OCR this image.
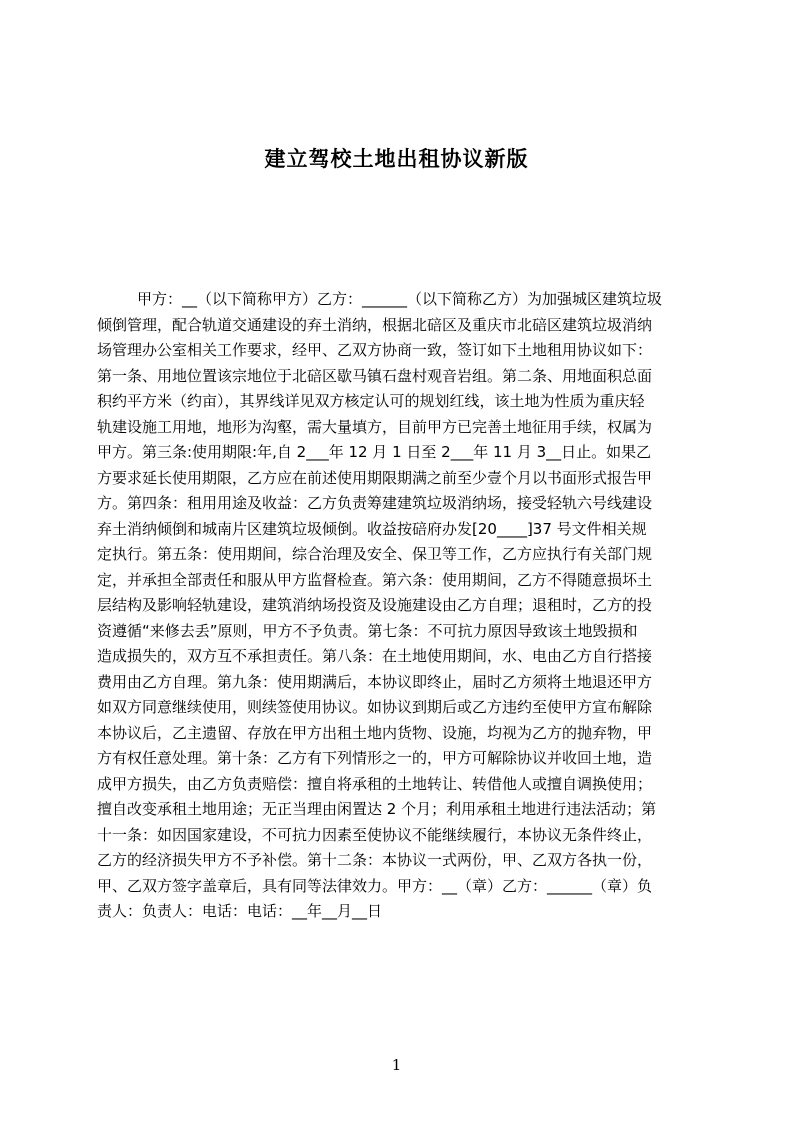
建立驾校土地出租协议新版
甲方：__（以下简称甲方）乙方：______（以下简称乙方）为加强城区建筑垃圾
倾倒管理，配合轨道交通建设的弃土消纳，根据北碚区及重庆市北碚区建筑垃圾消纳
场管理办公室相关工作要求，经甲、乙双方协商一致，签订如下土地租用协议如下：
第一条、用地位置该宗地位于北碚区歇马镇石盘村观音岩组。第二条、用地面积总面
积约平方米（约亩），其界线详见双方核定认可的规划红线，该土地为性质为重庆轻
轨建设施工用地，地形为沟壑，需大量填方，目前甲方已完善土地征用手续，权属为
甲方。第三条:使用期限:年,自 2___年 12 月 1 日至 2___年 11 月 3__日止。如果乙
方要求延长使用期限，乙方应在前述使用期限期满之前至少壹个月以书面形式报告甲
方。第四条：租用用途及收益：乙方负责筹建建筑垃圾消纳场，接受轻轨六号线建设
弃土消纳倾倒和城南片区建筑垃圾倾倒。收益按碚府办发[20____]37 号文件相关规
定执行。第五条：使用期间，综合治理及安全、保卫等工作，乙方应执行有关部门规
定，并承担全部责任和服从甲方监督检查。第六条：使用期间，乙方不得随意损坏土
层结构及影响轻轨建设，建筑消纳场投资及设施建设由乙方自理；退租时，乙方的投
资遵循“来修去丢”原则，甲方不予负责。第七条：不可抗力原因导致该土地毁损和
造成损失的，双方互不承担责任。第八条：在土地使用期间，水、电由乙方自行搭接
费用由乙方自理。第九条：使用期满后，本协议即终止，届时乙方须将土地退还甲方
如双方同意继续使用，则续签使用协议。如协议到期后或乙方违约至使甲方宣布解除
本协议后，乙主遗留、存放在甲方出租土地内货物、设施，均视为乙方的抛弃物，甲
方有权任意处理。第十条：乙方有下列情形之一的，甲方可解除协议并收回土地，造
成甲方损失，由乙方负责赔偿：擅自将承租的土地转让、转借他人或擅自调换使用；
擅自改变承租土地用途；无正当理由闲置达 2 个月；利用承租土地进行违法活动；第
十一条：如因国家建设，不可抗力因素至使协议不能继续履行，本协议无条件终止，
乙方的经济损失甲方不予补偿。第十二条：本协议一式两份，甲、乙双方各执一份，
甲、乙双方签字盖章后，具有同等法律效力。甲方：__（章）乙方：______（章）负
责人：负责人：电话：电话：__年__月__日
1
